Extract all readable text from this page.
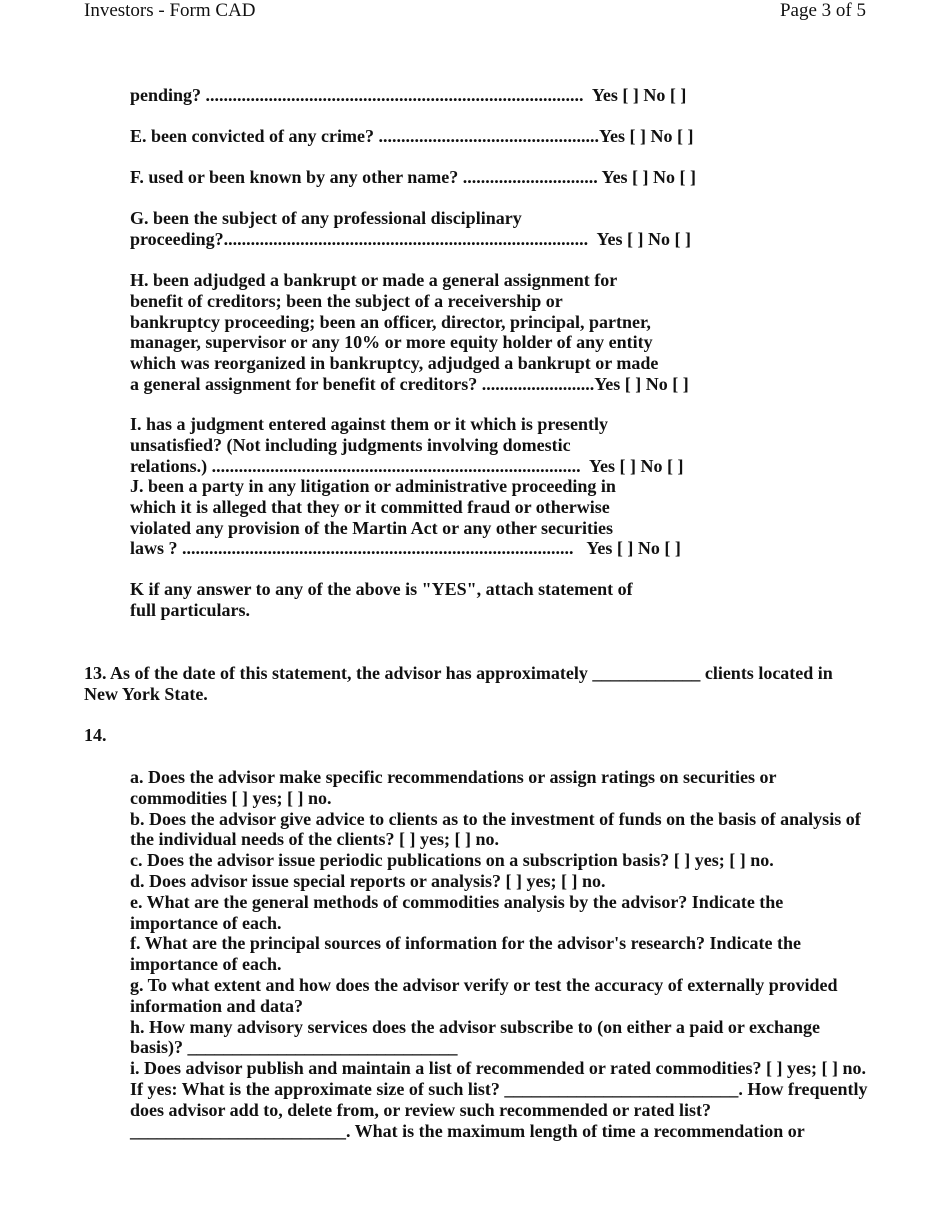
Investors - Form CAD	Page 3 of 5
pending? ....................................................................................  Yes [ ] No [ ]
E. been convicted of any crime? .................................................Yes [ ] No [ ]
F. used or been known by any other name? .............................. Yes [ ] No [ ]
G. been the subject of any professional disciplinary
proceeding?.................................................................................  Yes [ ] No [ ]
H. been adjudged a bankrupt or made a general assignment for
benefit of creditors; been the subject of a receivership or
bankruptcy proceeding; been an officer, director, principal, partner,
manager, supervisor or any 10% or more equity holder of any entity
which was reorganized in bankruptcy, adjudged a bankrupt or made
a general assignment for benefit of creditors? .........................Yes [ ] No [ ]
I. has a judgment entered against them or it which is presently
unsatisfied? (Not including judgments involving domestic
relations.) ..................................................................................  Yes [ ] No [ ]
J. been a party in any litigation or administrative proceeding in
which it is alleged that they or it committed fraud or otherwise
violated any provision of the Martin Act or any other securities
laws ? .......................................................................................   Yes [ ] No [ ]
K if any answer to any of the above is "YES", attach statement of
full particulars.
13. As of the date of this statement, the advisor has approximately ____________ clients located in New York State.
14.
a. Does the advisor make specific recommendations or assign ratings on securities or commodities [ ] yes; [ ] no.
b. Does the advisor give advice to clients as to the investment of funds on the basis of analysis of the individual needs of the clients? [ ] yes; [ ] no.
c. Does the advisor issue periodic publications on a subscription basis? [ ] yes; [ ] no.
d. Does advisor issue special reports or analysis? [ ] yes; [ ] no.
e. What are the general methods of commodities analysis by the advisor? Indicate the importance of each.
f. What are the principal sources of information for the advisor's research? Indicate the importance of each.
g. To what extent and how does the advisor verify or test the accuracy of externally provided information and data?
h. How many advisory services does the advisor subscribe to (on either a paid or exchange basis)? ______________________________
i. Does advisor publish and maintain a list of recommended or rated commodities? [ ] yes; [ ] no. If yes: What is the approximate size of such list? __________________________. How frequently does advisor add to, delete from, or review such recommended or rated list? ________________________. What is the maximum length of time a recommendation or
